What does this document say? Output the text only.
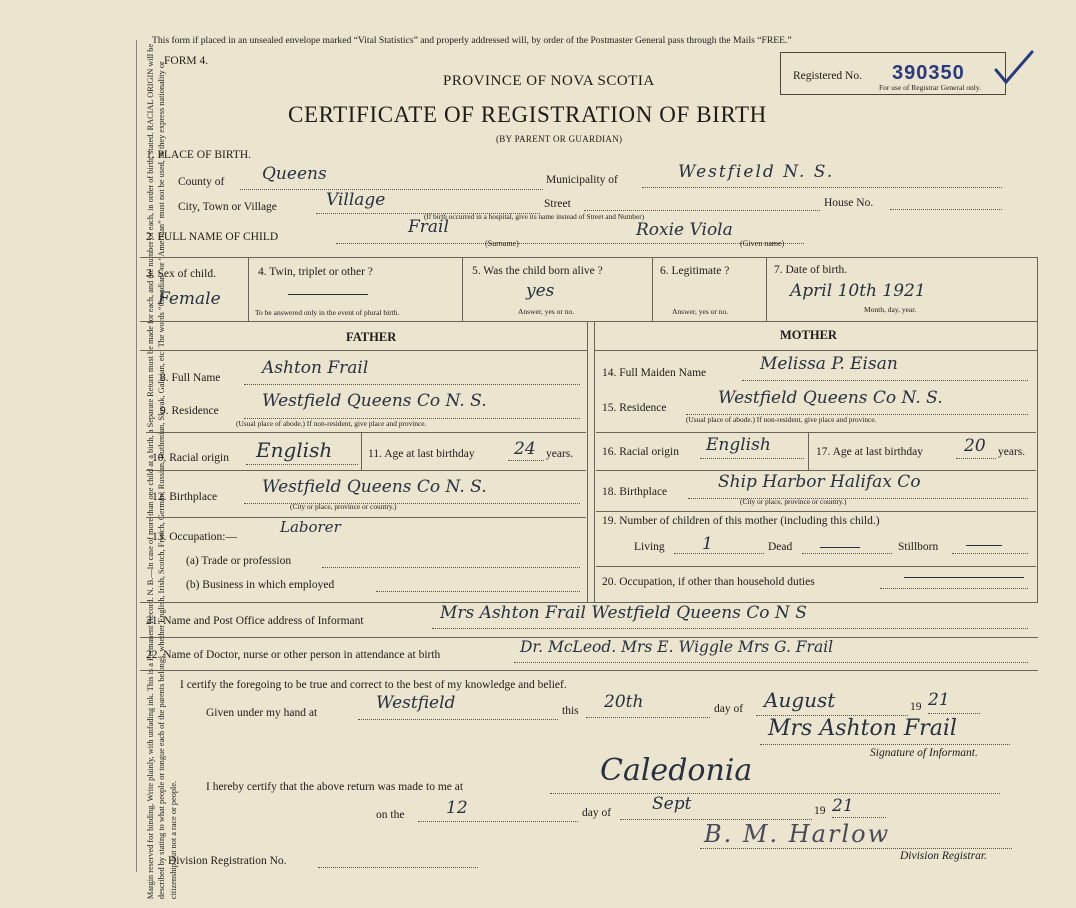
Margin reserved for binding. Write plainly, with unfading ink. This is a Permanent Record. N. B.—In case of more than one child at a birth, a Separate Return must be made for each, and the number of each, in order of birth, stated. RACIAL ORIGIN will be described by stating to what people or tongue each of the parents belongs, whether English, Irish, Scotch, French, German, Russian, Ruthenian, Slovak, Galician, etc. The words “Canadian” or “American” must not be used, as they express nationality or citizenship but not a race or people.
This form if placed in an unsealed envelope marked “Vital Statistics” and properly addressed will, by order of the Postmaster General pass through the Mails “FREE.”
FORM 4.
PROVINCE OF NOVA SCOTIA
CERTIFICATE OF REGISTRATION OF BIRTH
(BY PARENT OR GUARDIAN)
Registered No. 390350
For use of Registrar General only.
1. PLACE OF BIRTH.
County of Queens	Municipality of	Westfield N. S.
City, Town or Village	Village	Street	House No.
(If birth occurred in a hospital, give its name instead of Street and Number)
2. FULL NAME OF CHILD	Frail	Roxie Viola
(Surname)	(Given name)
3. Sex of child.
Female
4. Twin, triplet or other ?
To be answered only in the event of plural birth.
5. Was the child born alive ?
yes
Answer, yes or no.
6. Legitimate ?
Answer, yes or no.
7. Date of birth.
April 10th 1921
Month, day, year.
FATHER	MOTHER
8. Full Name Ashton Frail
9. Residence	Westfield Queens Co N. S.
(Usual place of abode.) If non-resident, give place and province.
10. Racial origin English	11. Age at last birthday 24 years.
12. Birthplace	Westfield Queens Co N. S.
(City or place, province or country.)
13. Occupation:—
Laborer
(a) Trade or profession
(b) Business in which employed
14. Full Maiden Name	Melissa P. Eisan
15. Residence	Westfield Queens Co N. S.
(Usual place of abode.) If non-resident, give place and province.
16. Racial origin English	17. Age at last birthday 20 years.
18. Birthplace	Ship Harbor Halifax Co
(City or place, province or country.)
19. Number of children of this mother (including this child.)
Living 1	Dead	Stillborn
20. Occupation, if other than household duties
21. Name and Post Office address of Informant	Mrs Ashton Frail Westfield Queens Co N S
22. Name of Doctor, nurse or other person in attendance at birth	Dr. McLeod. Mrs E. Wiggle Mrs G. Frail
I certify the foregoing to be true and correct to the best of my knowledge and belief.
Given under my hand at	Westfield	this 20th	day of August	19 21
Mrs Ashton Frail
Signature of Informant.
I hereby certify that the above return was made to me at	Caledonia
on the 12	day of Sept	19 21
B. M. Harlow
Division Registrar.
Division Registration No.
